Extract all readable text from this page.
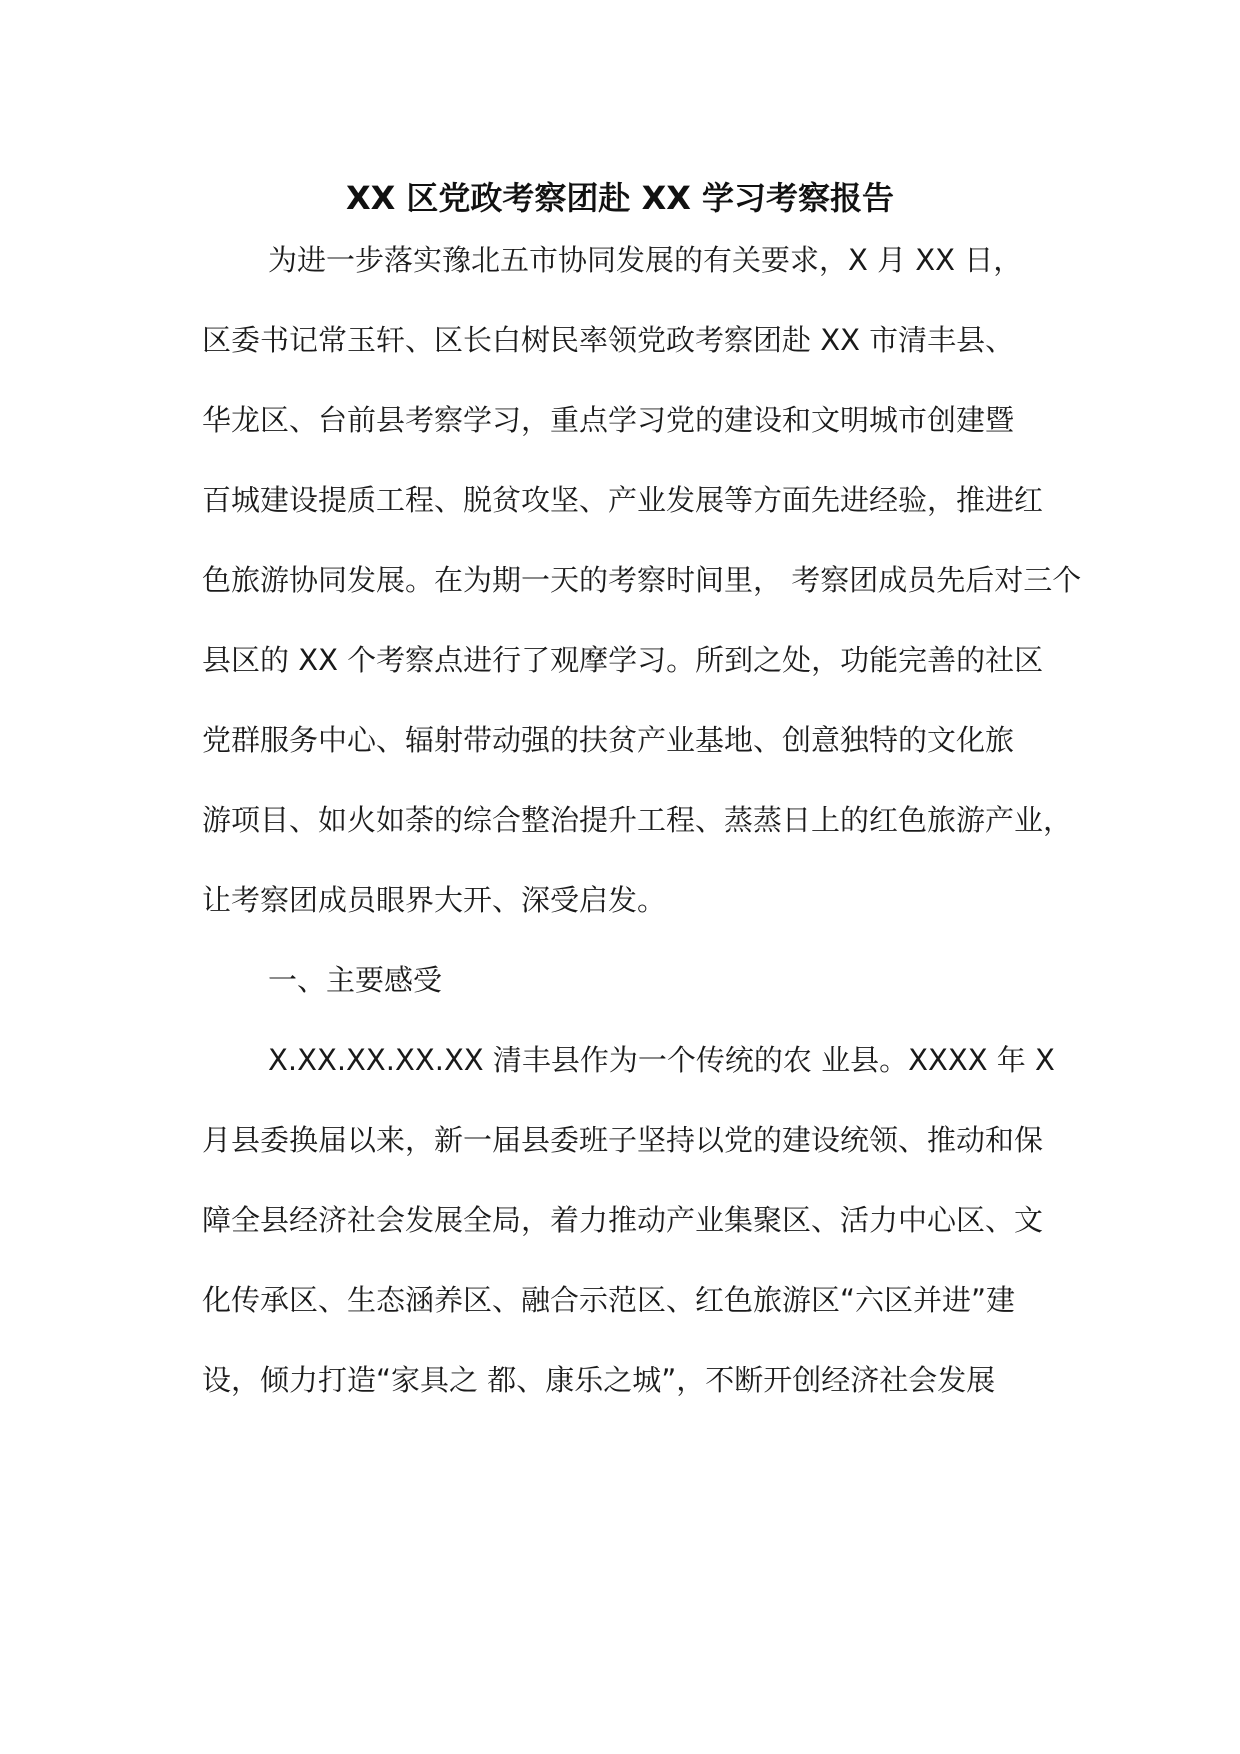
XX 区党政考察团赴 XX 学习考察报告
为进一步落实豫北五市协同发展的有关要求，X 月 XX 日，
区委书记常玉轩、区长白树民率领党政考察团赴 XX 市清丰县、
华龙区、台前县考察学习，重点学习党的建设和文明城市创建暨
百城建设提质工程、脱贫攻坚、产业发展等方面先进经验，推进红
色旅游协同发展。在为期一天的考察时间里， 考察团成员先后对三个
县区的 XX 个考察点进行了观摩学习。所到之处，功能完善的社区
党群服务中心、辐射带动强的扶贫产业基地、创意独特的文化旅
游项目、如火如荼的综合整治提升工程、蒸蒸日上的红色旅游产业，
让考察团成员眼界大开、深受启发。
一、主要感受
X.XX.XX.XX.XX 清丰县作为一个传统的农 业县。XXXX 年 X
月县委换届以来，新一届县委班子坚持以党的建设统领、推动和保
障全县经济社会发展全局，着力推动产业集聚区、活力中心区、文
化传承区、生态涵养区、融合示范区、红色旅游区“六区并进”建
设，倾力打造“家具之 都、康乐之城”，不断开创经济社会发展
